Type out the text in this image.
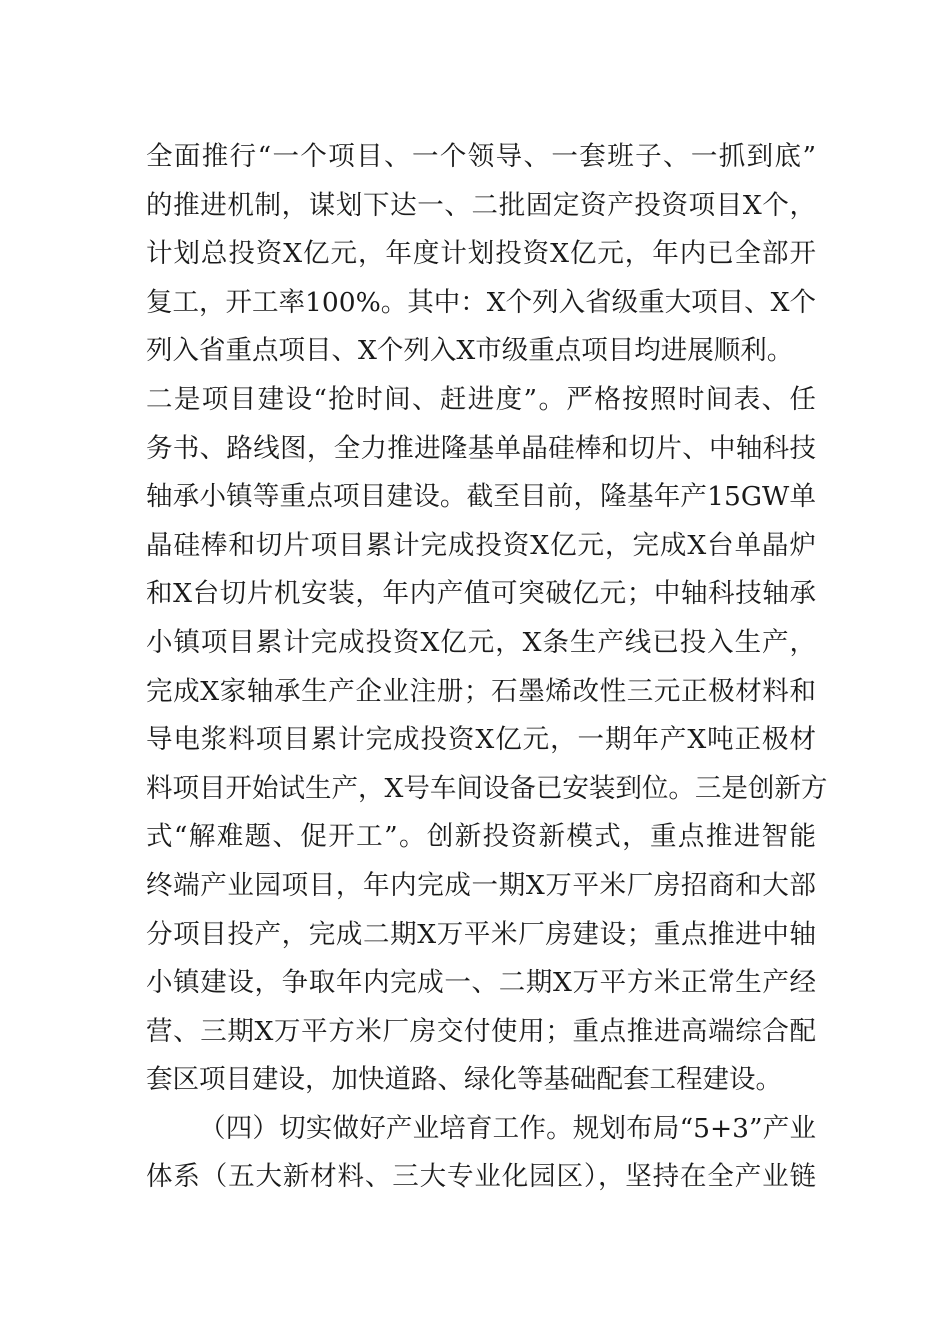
全面推行“一个项目、一个领导、一套班子、一抓到底”
的推进机制，谋划下达一、二批固定资产投资项目X个，
计划总投资X亿元，年度计划投资X亿元，年内已全部开
复工，开工率100%。其中：X个列入省级重大项目、X个
列入省重点项目、X个列入X市级重点项目均进展顺利。
二是项目建设“抢时间、赶进度”。严格按照时间表、任
务书、路线图，全力推进隆基单晶硅棒和切片、中轴科技
轴承小镇等重点项目建设。截至目前，隆基年产15GW单
晶硅棒和切片项目累计完成投资X亿元，完成X台单晶炉
和X台切片机安装，年内产值可突破亿元；中轴科技轴承
小镇项目累计完成投资X亿元，X条生产线已投入生产，
完成X家轴承生产企业注册；石墨烯改性三元正极材料和
导电浆料项目累计完成投资X亿元，一期年产X吨正极材
料项目开始试生产，X号车间设备已安装到位。三是创新方
式“解难题、促开工”。创新投资新模式，重点推进智能
终端产业园项目，年内完成一期X万平米厂房招商和大部
分项目投产，完成二期X万平米厂房建设；重点推进中轴
小镇建设，争取年内完成一、二期X万平方米正常生产经
营、三期X万平方米厂房交付使用；重点推进高端综合配
套区项目建设，加快道路、绿化等基础配套工程建设。
（四）切实做好产业培育工作。规划布局“5+3”产业
体系（五大新材料、三大专业化园区），坚持在全产业链
